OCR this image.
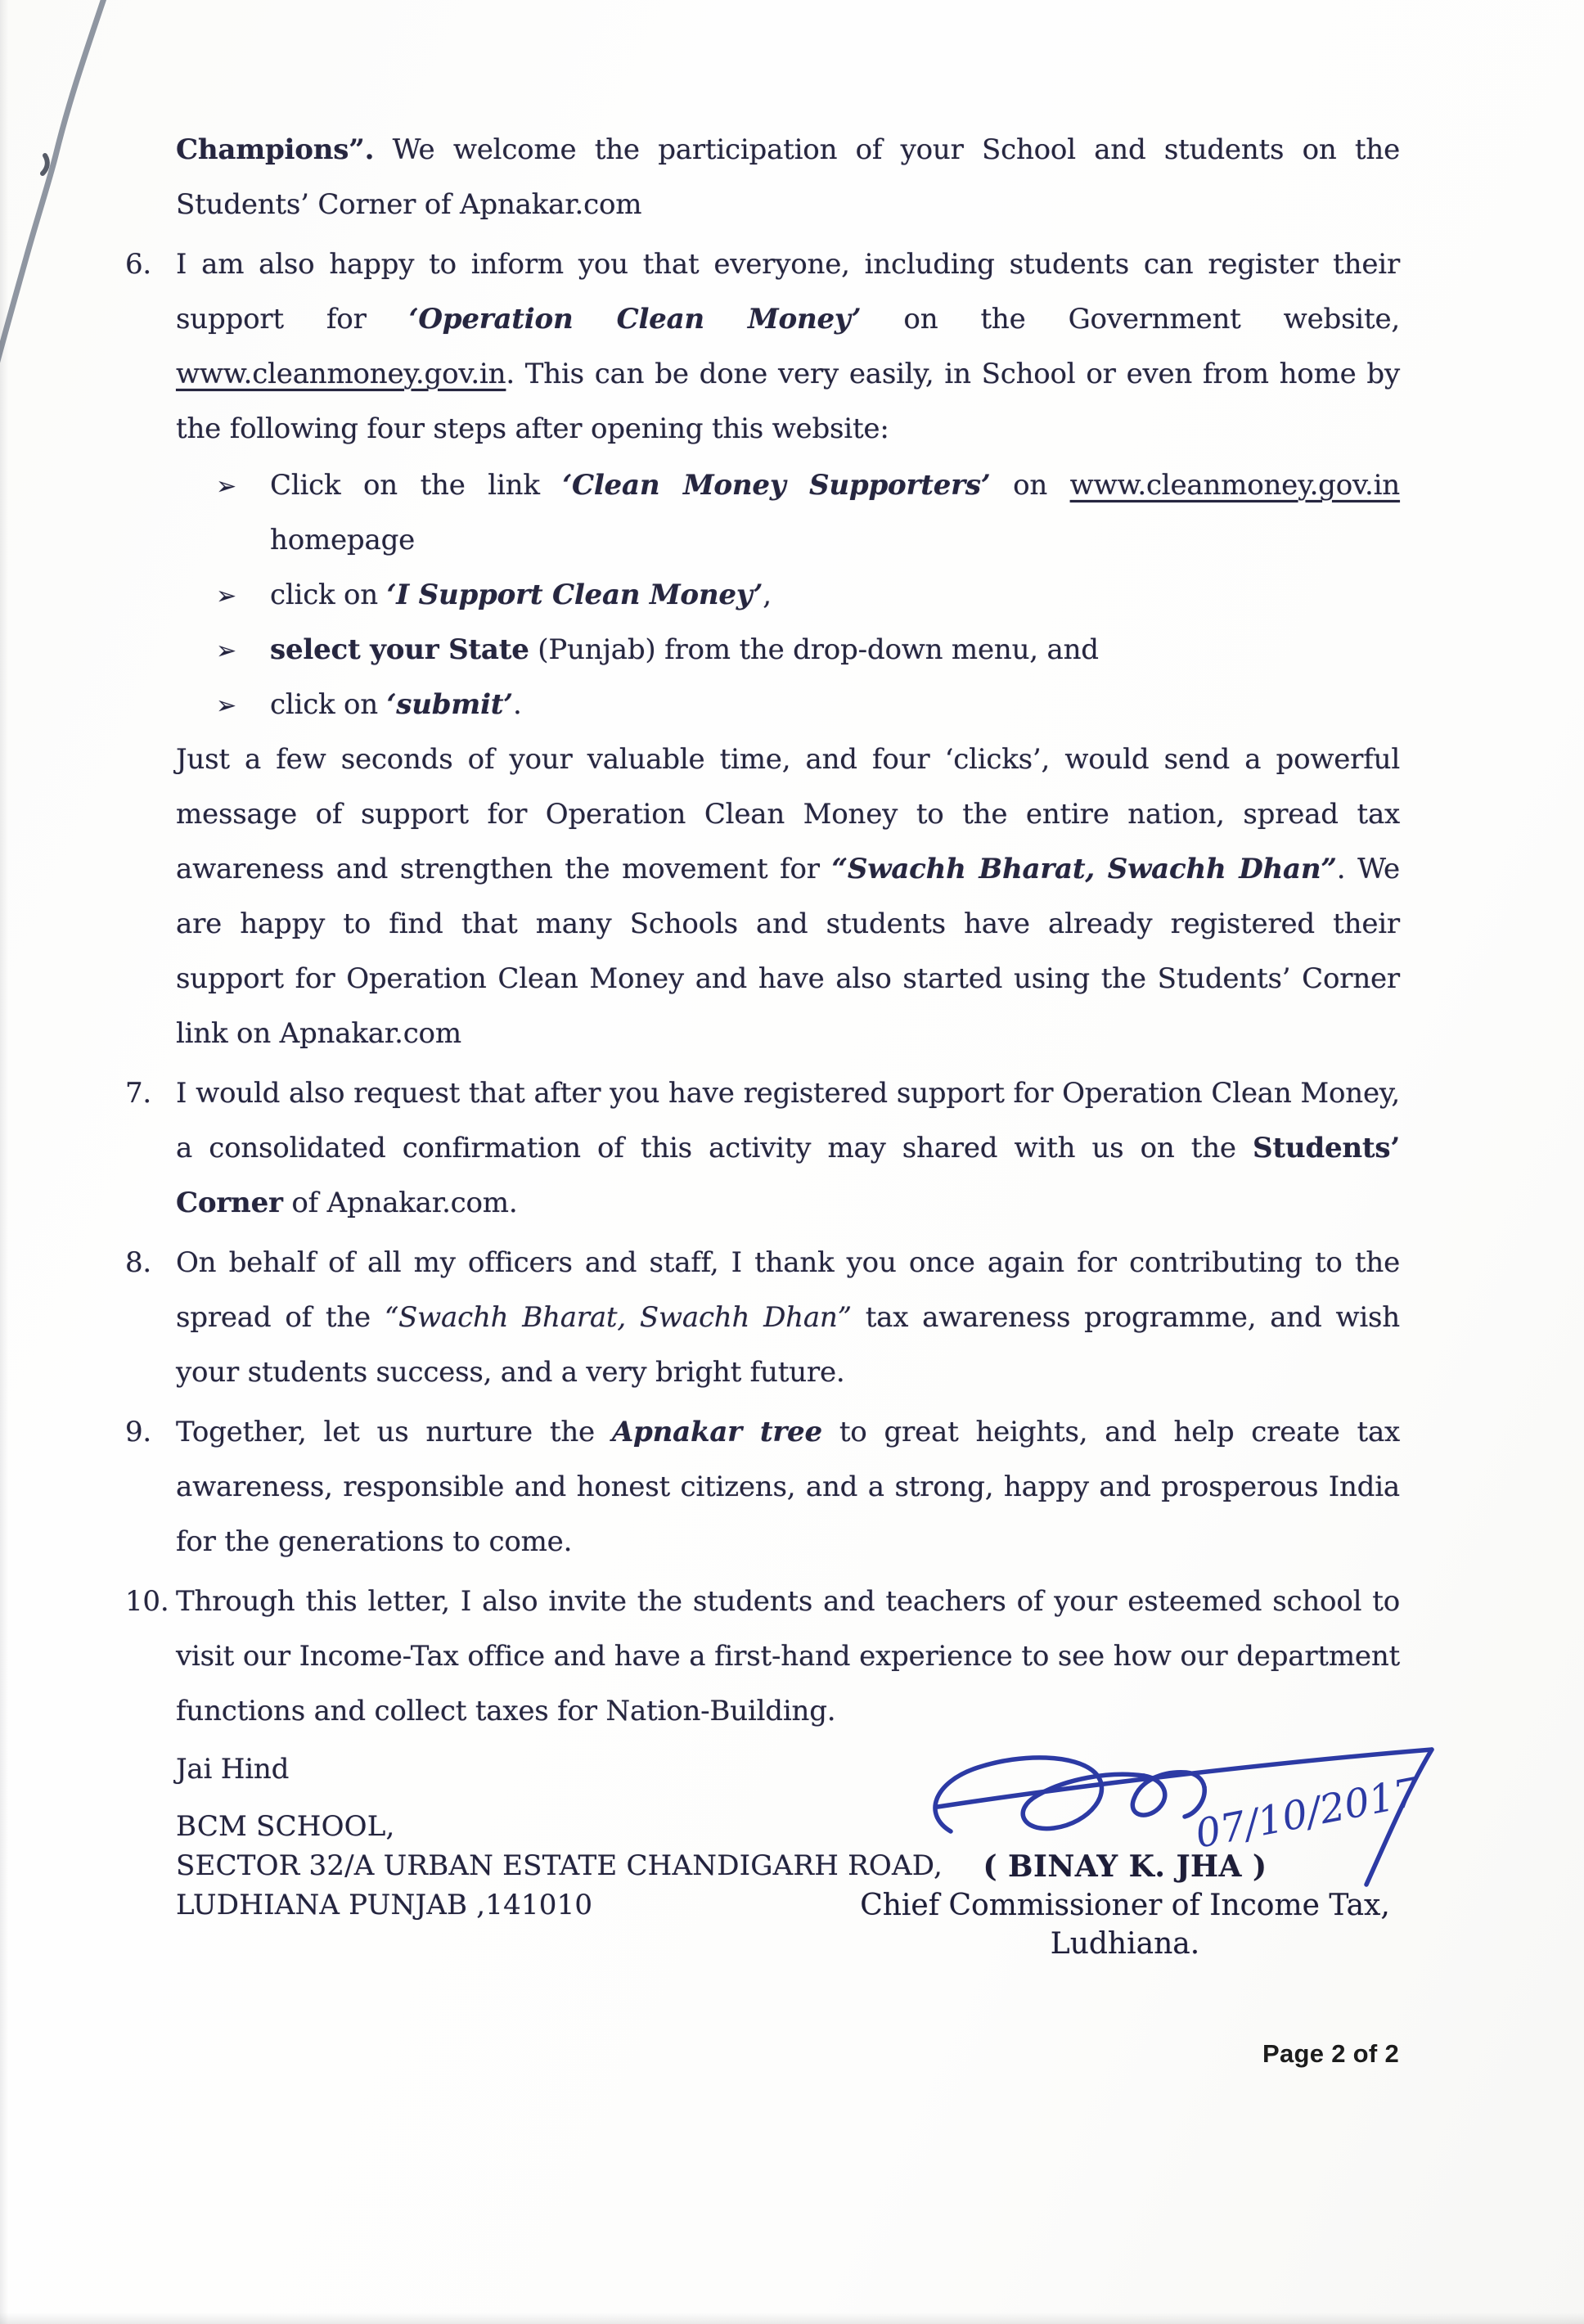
Champions”. We welcome the participation of your School and students on the Students’ Corner of Apnakar.com
6. I am also happy to inform you that everyone, including students can register their support for ‘Operation Clean Money’ on the Government website, www.cleanmoney.gov.in. This can be done very easily, in School or even from home by the following four steps after opening this website:
➢ Click on the link ‘Clean Money Supporters’ on www.cleanmoney.gov.in homepage
➢ click on ‘I Support Clean Money’,
➢ select your State (Punjab) from the drop-down menu, and
➢ click on ‘submit’.
Just a few seconds of your valuable time, and four ‘clicks’, would send a powerful message of support for Operation Clean Money to the entire nation, spread tax awareness and strengthen the movement for “Swachh Bharat, Swachh Dhan”. We are happy to find that many Schools and students have already registered their support for Operation Clean Money and have also started using the Students’ Corner link on Apnakar.com
7. I would also request that after you have registered support for Operation Clean Money, a consolidated confirmation of this activity may shared with us on the Students’ Corner of Apnakar.com.
8. On behalf of all my officers and staff, I thank you once again for contributing to the spread of the “Swachh Bharat, Swachh Dhan” tax awareness programme, and wish your students success, and a very bright future.
9. Together, let us nurture the Apnakar tree to great heights, and help create tax awareness, responsible and honest citizens, and a strong, happy and prosperous India for the generations to come.
10. Through this letter, I also invite the students and teachers of your esteemed school to visit our Income-Tax office and have a first-hand experience to see how our department functions and collect taxes for Nation-Building.
Jai Hind
BCM SCHOOL,
SECTOR 32/A URBAN ESTATE CHANDIGARH ROAD,
LUDHIANA PUNJAB ,141010
07/10/2017
( BINAY K. JHA )
Chief Commissioner of Income Tax,
Ludhiana.
Page 2 of 2
